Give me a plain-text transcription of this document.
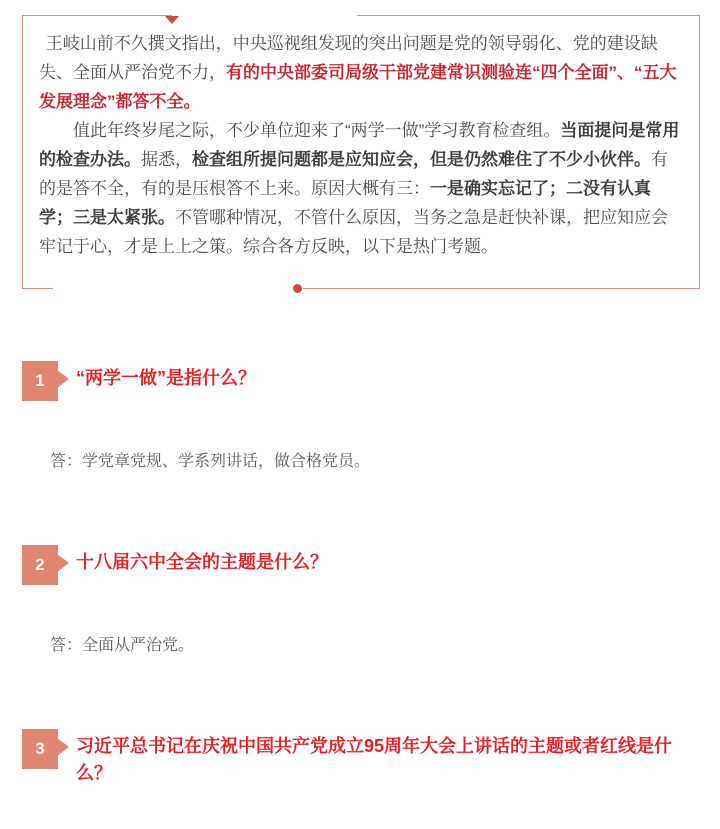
王岐山前不久撰文指出，中央巡视组发现的突出问题是党的领导弱化、党的建设缺失、全面从严治党不力，有的中央部委司局级干部党建常识测验连“四个全面”、“五大发展理念”都答不全。

值此年终岁尾之际，不少单位迎来了“两学一做”学习教育检查组。当面提问是常用的检查办法。据悉，检查组所提问题都是应知应会，但是仍然难住了不少小伙伴。有的是答不全，有的是压根答不上来。原因大概有三：一是确实忘记了；二没有认真学；三是太紧张。不管哪种情况，不管什么原因，当务之急是赶快补课，把应知应会牢记于心，才是上上之策。综合各方反映，以下是热门考题。

1	“两学一做”是指什么？
答：学党章党规、学系列讲话，做合格党员。
2	十八届六中全会的主题是什么？
答：全面从严治党。
3	习近平总书记在庆祝中国共产党成立95周年大会上讲话的主题或者红线是什么？
